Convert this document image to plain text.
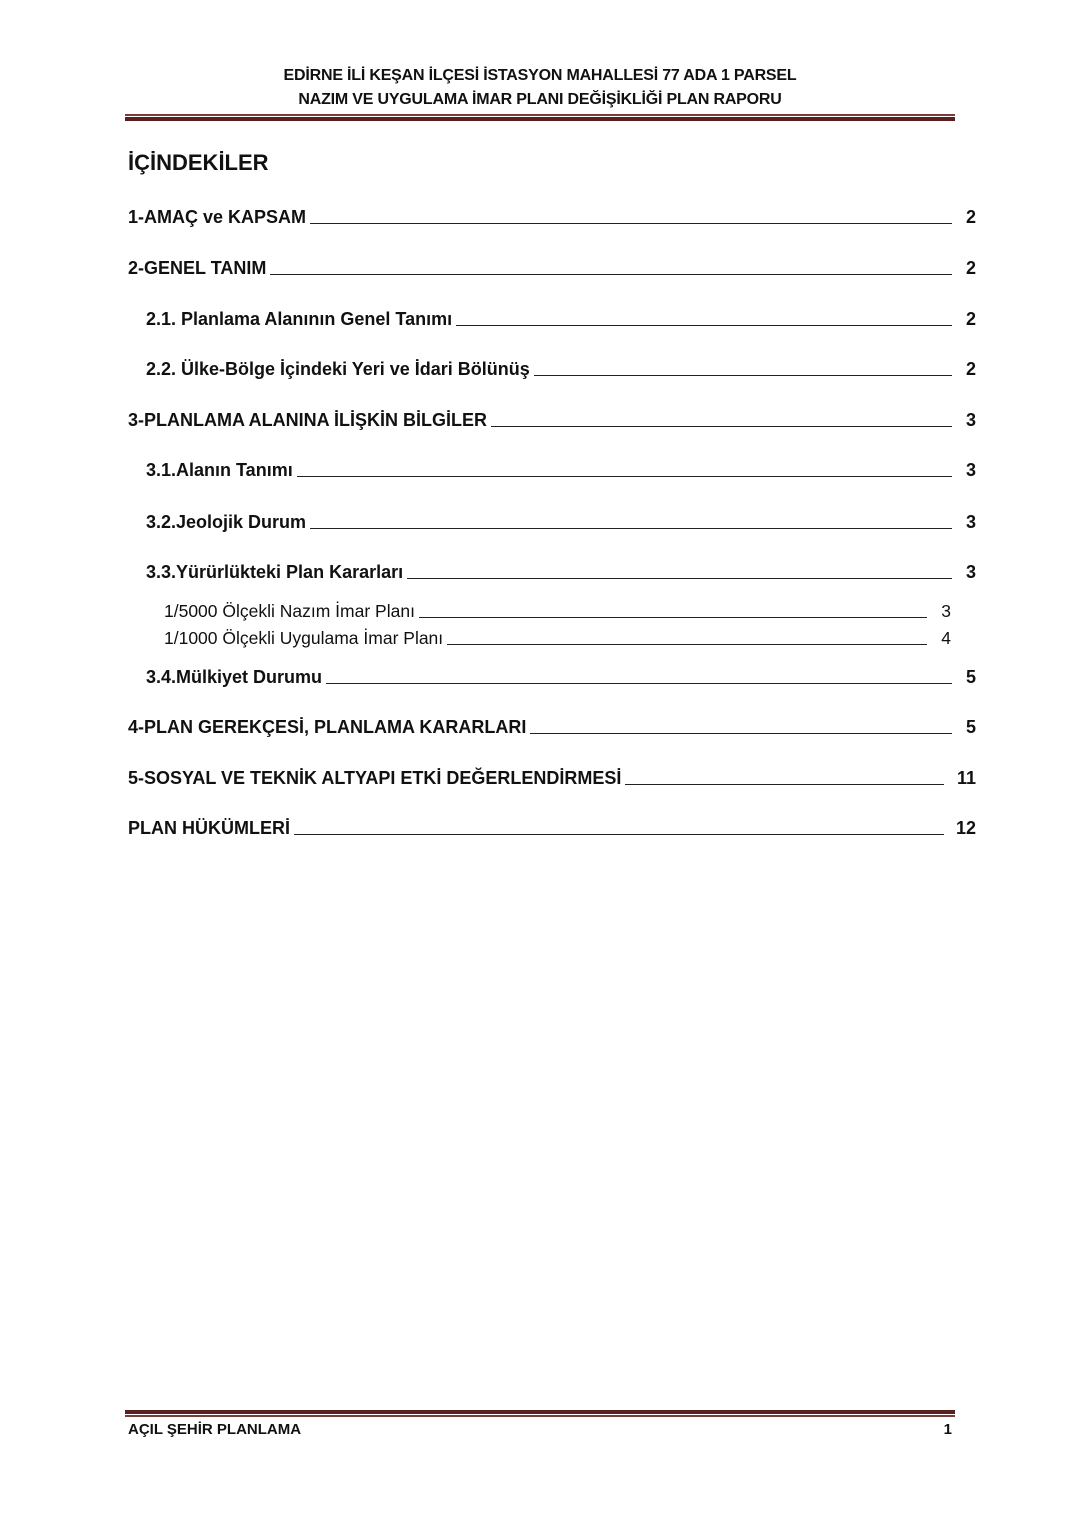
EDİRNE İLİ KEŞAN İLÇESİ İSTASYON MAHALLESİ 77 ADA 1 PARSEL
NAZIM VE UYGULAMA İMAR PLANI DEĞİŞİKLİĞİ PLAN RAPORU
İÇİNDEKİLER
1-AMAÇ ve KAPSAM	2
2-GENEL TANIM	2
2.1. Planlama Alanının Genel Tanımı	2
2.2. Ülke-Bölge İçindeki Yeri ve İdari Bölünüş	2
3-PLANLAMA ALANINA İLİŞKİN BİLGİLER	3
3.1.Alanın Tanımı	3
3.2.Jeolojik Durum	3
3.3.Yürürlükteki Plan Kararları	3
1/5000 Ölçekli Nazım İmar Planı	3
1/1000 Ölçekli Uygulama İmar Planı	4
3.4.Mülkiyet Durumu	5
4-PLAN GEREKÇESİ, PLANLAMA KARARLARI	5
5-SOSYAL VE TEKNİK ALTYAPI ETKİ DEĞERLENDİRMESİ	11
PLAN HÜKÜMLERİ	12
AÇIL ŞEHİR PLANLAMA	1
